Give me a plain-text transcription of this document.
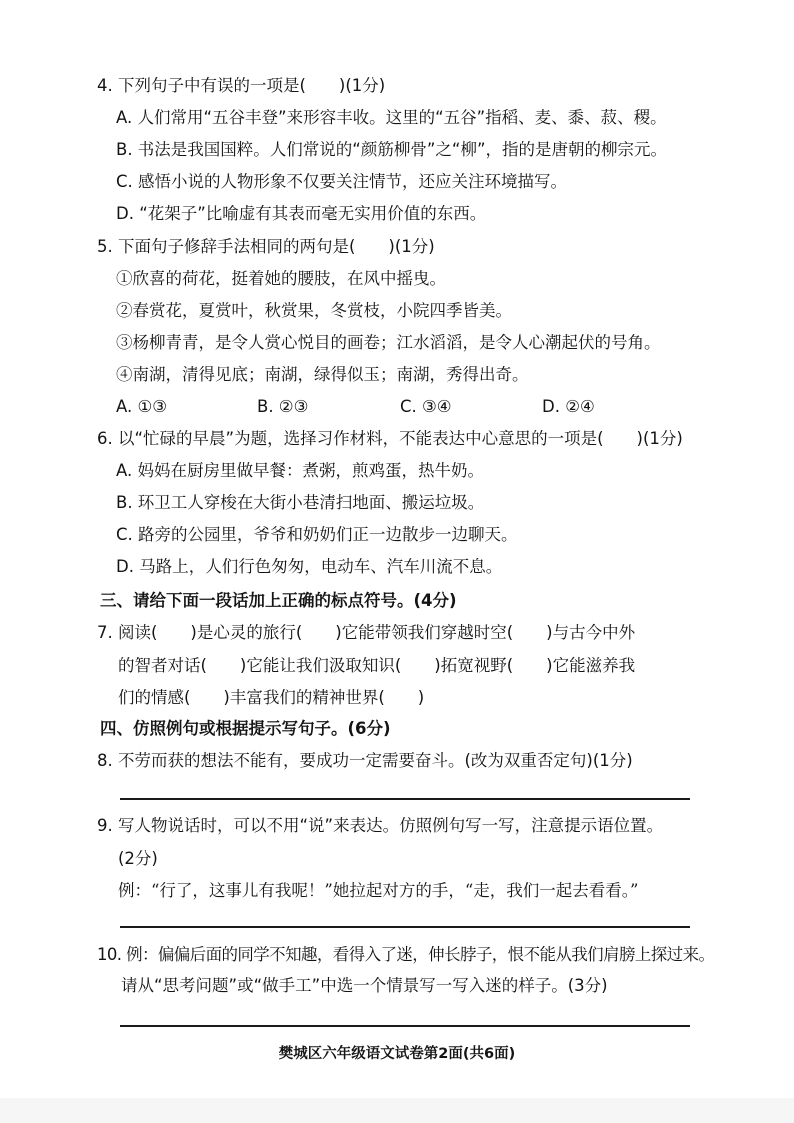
4. 下列句子中有误的一项是(　　)(1分)
A. 人们常用“五谷丰登”来形容丰收。这里的“五谷”指稻、麦、黍、菽、稷。
B. 书法是我国国粹。人们常说的“颜筋柳骨”之“柳”，指的是唐朝的柳宗元。
C. 感悟小说的人物形象不仅要关注情节，还应关注环境描写。
D. “花架子”比喻虚有其表而毫无实用价值的东西。
5. 下面句子修辞手法相同的两句是(　　)(1分)
①欣喜的荷花，挺着她的腰肢，在风中摇曳。
②春赏花，夏赏叶，秋赏果，冬赏枝，小院四季皆美。
③杨柳青青，是令人赏心悦目的画卷；江水滔滔，是令人心潮起伏的号角。
④南湖，清得见底；南湖，绿得似玉；南湖，秀得出奇。
A. ①③	B. ②③	C. ③④	D. ②④
6. 以“忙碌的早晨”为题，选择习作材料，不能表达中心意思的一项是(　　)(1分)
A. 妈妈在厨房里做早餐：煮粥，煎鸡蛋，热牛奶。
B. 环卫工人穿梭在大街小巷清扫地面、搬运垃圾。
C. 路旁的公园里，爷爷和奶奶们正一边散步一边聊天。
D. 马路上，人们行色匆匆，电动车、汽车川流不息。
三、请给下面一段话加上正确的标点符号。(4分)
7. 阅读(　　)是心灵的旅行(　　)它能带领我们穿越时空(　　)与古今中外
的智者对话(　　)它能让我们汲取知识(　　)拓宽视野(　　)它能滋养我
们的情感(　　)丰富我们的精神世界(　　)
四、仿照例句或根据提示写句子。(6分)
8. 不劳而获的想法不能有，要成功一定需要奋斗。(改为双重否定句)(1分)
9. 写人物说话时，可以不用“说”来表达。仿照例句写一写，注意提示语位置。
(2分)
例：“行了，这事儿有我呢！”她拉起对方的手，“走，我们一起去看看。”
10. 例：偏偏后面的同学不知趣，看得入了迷，伸长脖子，恨不能从我们肩膀上探过来。
请从“思考问题”或“做手工”中选一个情景写一写入迷的样子。(3分)
樊城区六年级语文试卷第2面(共6面)
